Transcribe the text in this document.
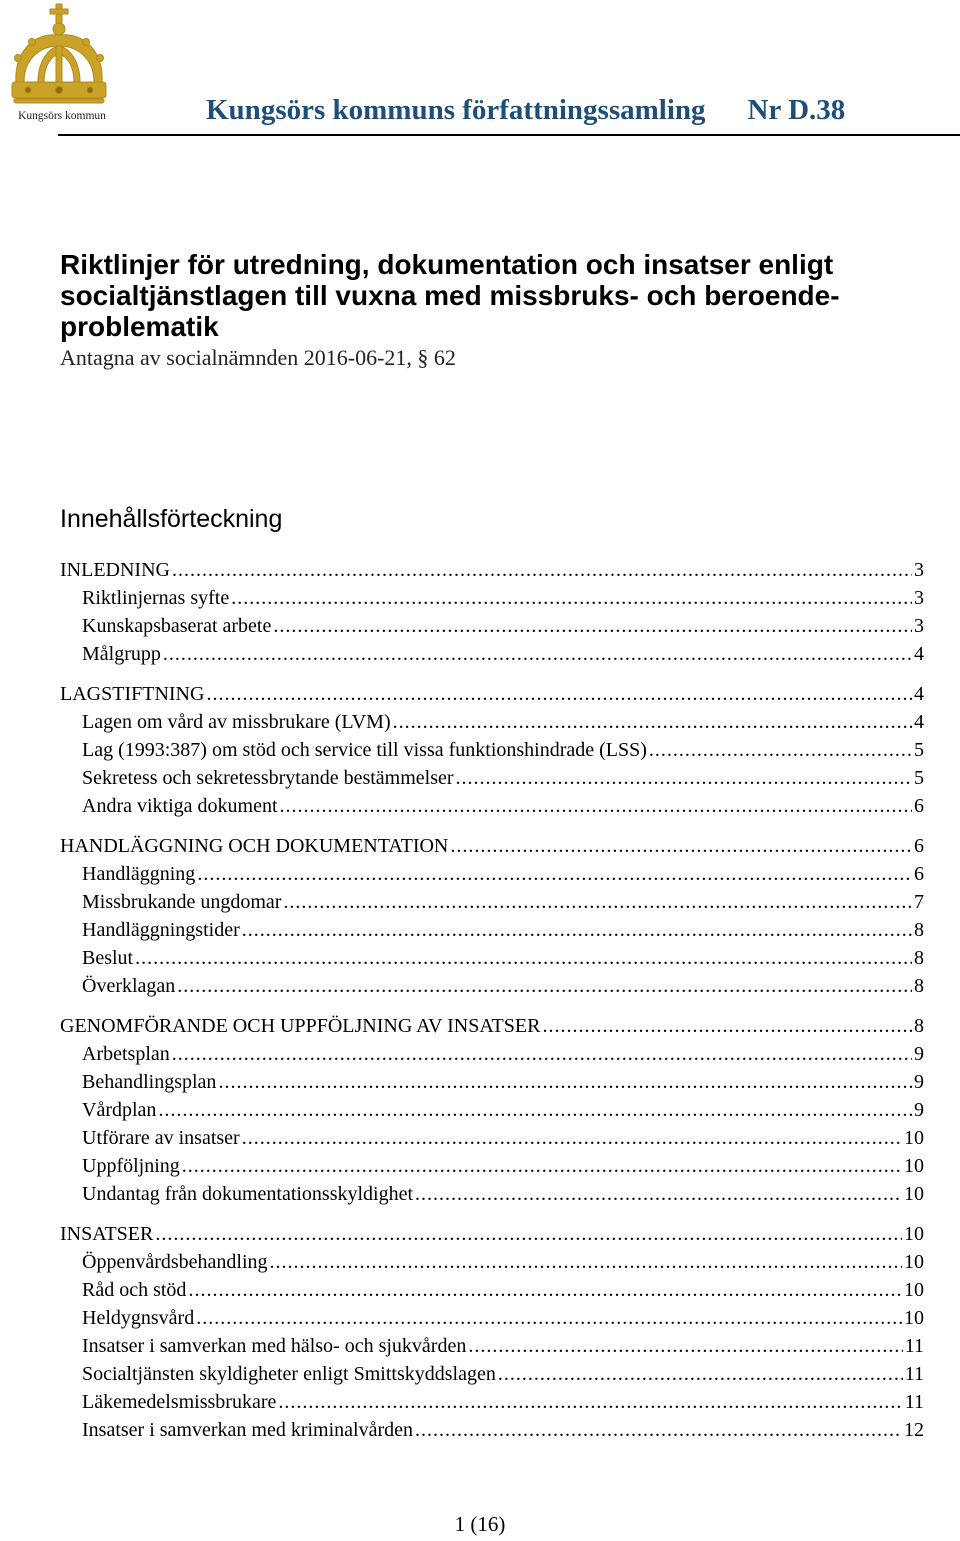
Kungsörs kommun	Kungsörs kommuns författningssamling Nr D.38
Riktlinjer för utredning, dokumentation och insatser enligt socialtjänstlagen till vuxna med missbruks- och beroende-problematik
Antagna av socialnämnden 2016-06-21, § 62
Innehållsförteckning
INLEDNING .....	3
Riktlinjernas syfte .....	3
Kunskapsbaserat arbete .....	3
Målgrupp .....	4
LAGSTIFTNING .....	4
Lagen om vård av missbrukare (LVM) .....	4
Lag (1993:387) om stöd och service till vissa funktionshindrade (LSS) .....	5
Sekretess och sekretessbrytande bestämmelser .....	5
Andra viktiga dokument .....	6
HANDLÄGGNING OCH DOKUMENTATION .....	6
Handläggning .....	6
Missbrukande ungdomar .....	7
Handläggningstider .....	8
Beslut .....	8
Överklagan .....	8
GENOMFÖRANDE OCH UPPFÖLJNING AV INSATSER .....	8
Arbetsplan .....	9
Behandlingsplan .....	9
Vårdplan .....	9
Utförare av insatser .....	10
Uppföljning .....	10
Undantag från dokumentationsskyldighet .....	10
INSATSER .....	10
Öppenvårdsbehandling .....	10
Råd och stöd .....	10
Heldygnsvård .....	10
Insatser i samverkan med hälso- och sjukvården .....	11
Socialtjänsten skyldigheter enligt Smittskyddslagen .....	11
Läkemedelsmissbrukare .....	11
Insatser i samverkan med kriminalvården .....	12
1 (16)
